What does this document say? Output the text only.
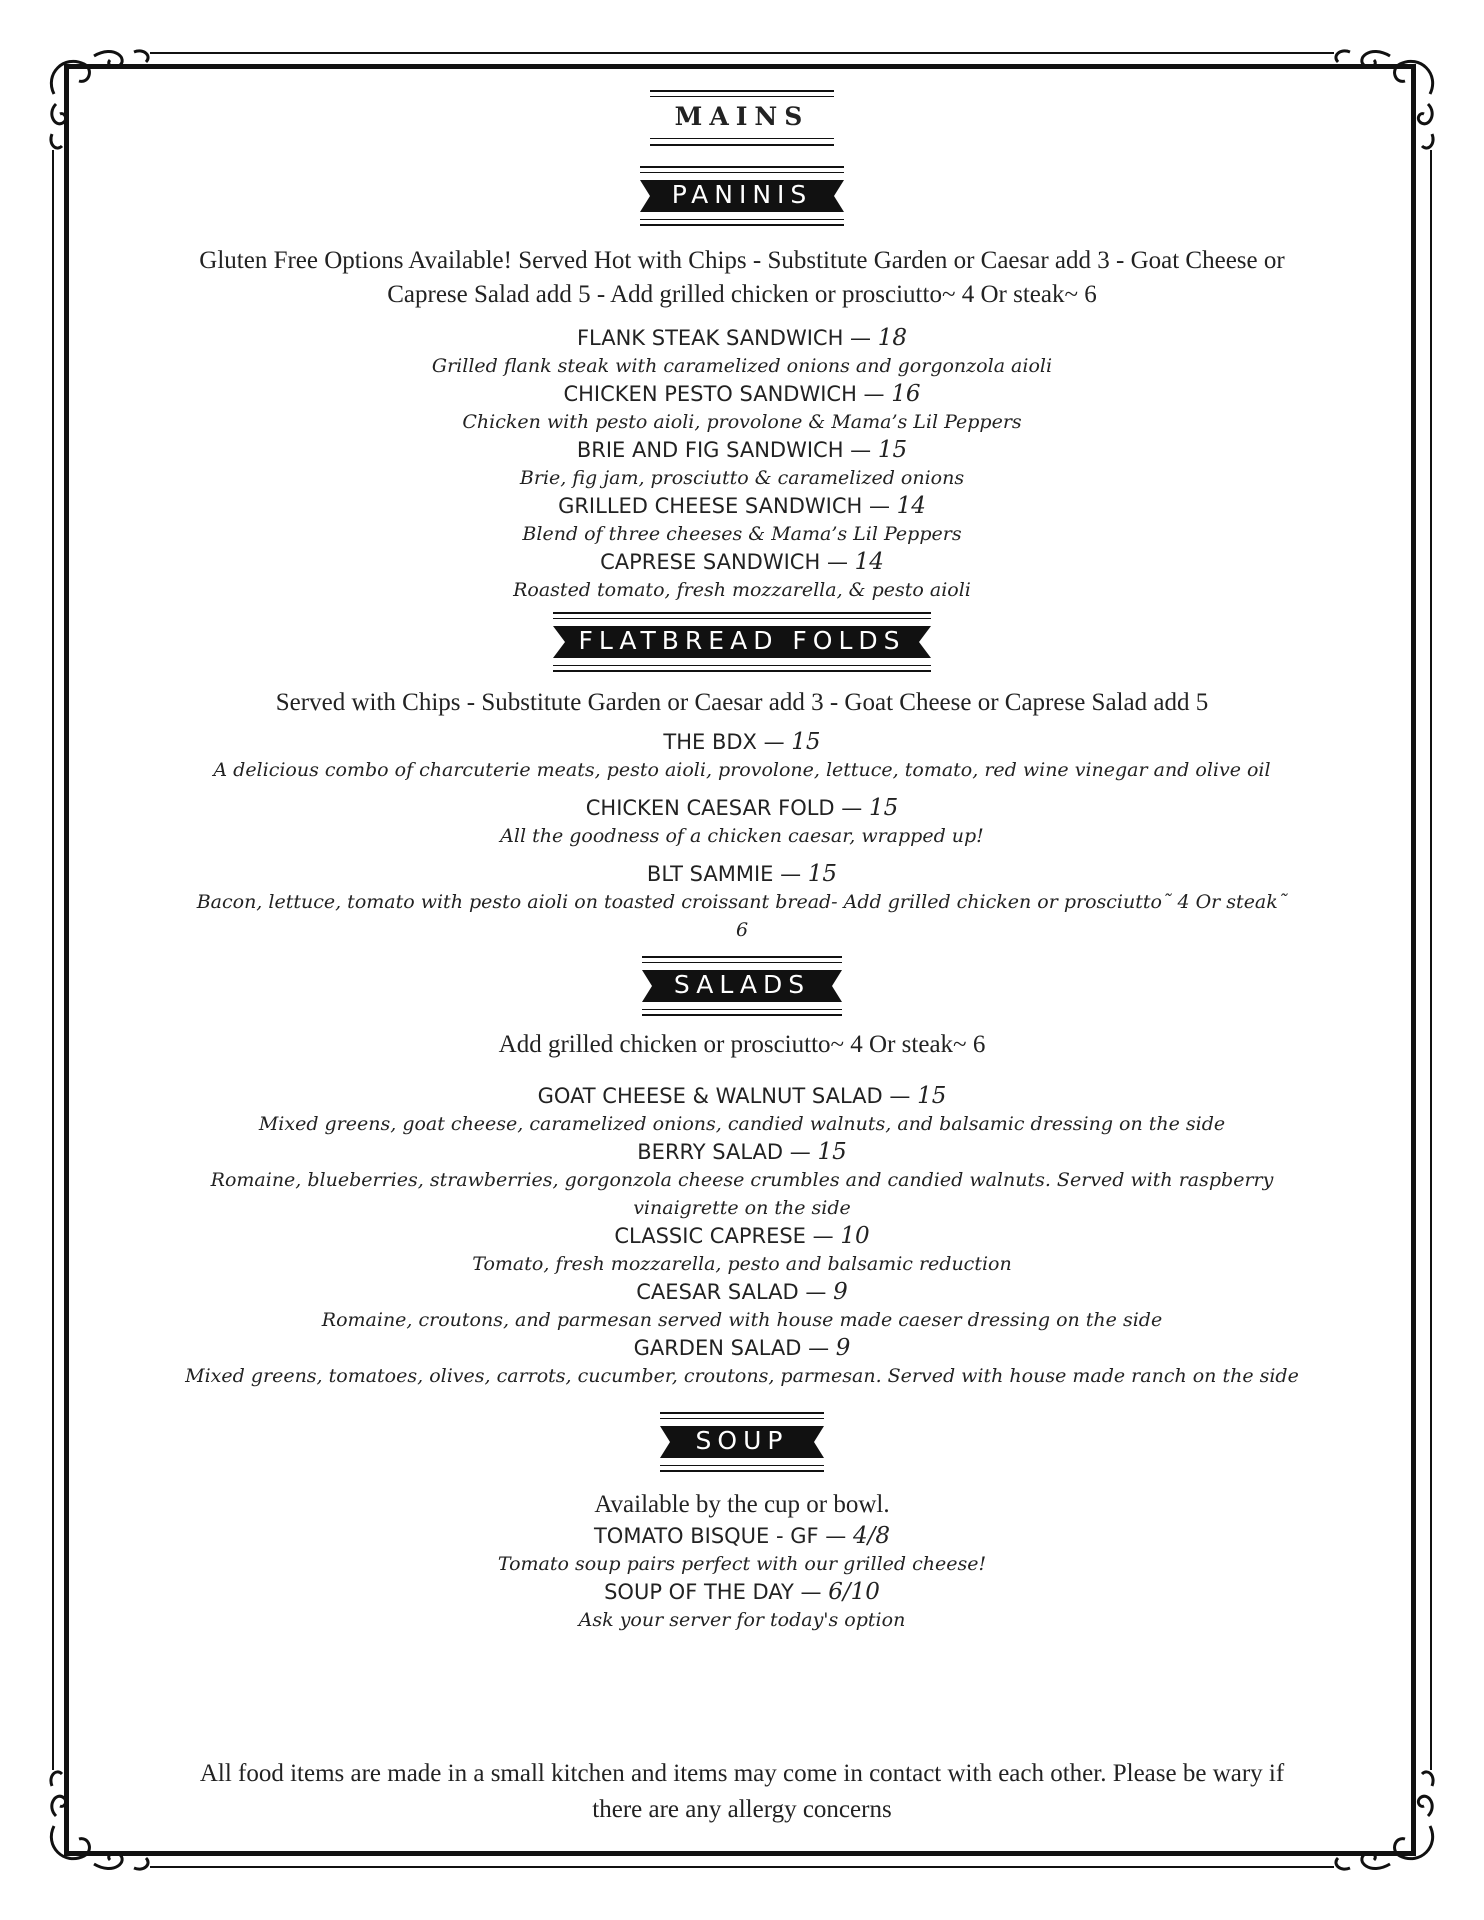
MAINS
PANINIS

Gluten Free Options Available! Served Hot with Chips - Substitute Garden or Caesar add 3 - Goat Cheese or Caprese Salad add 5 - Add grilled chicken or prosciutto~ 4 Or steak~ 6

FLANK STEAK SANDWICH — 18

Grilled flank steak with caramelized onions and gorgonzola aioli

CHICKEN PESTO SANDWICH — 16

Chicken with pesto aioli, provolone & Mama’s Lil Peppers

BRIE AND FIG SANDWICH — 15

Brie, fig jam, prosciutto & caramelized onions

GRILLED CHEESE SANDWICH — 14

Blend of three cheeses & Mama’s Lil Peppers

CAPRESE SANDWICH — 14

Roasted tomato, fresh mozzarella, & pesto aioli

FLATBREAD FOLDS

Served with Chips - Substitute Garden or Caesar add 3 - Goat Cheese or Caprese Salad add 5

THE BDX — 15

A delicious combo of charcuterie meats, pesto aioli, provolone, lettuce, tomato, red wine vinegar and olive oil

CHICKEN CAESAR FOLD — 15

All the goodness of a chicken caesar, wrapped up!

BLT SAMMIE — 15

Bacon, lettuce, tomato with pesto aioli on toasted croissant bread- Add grilled chicken or prosciutto˜ 4 Or steak˜ 6

SALADS

Add grilled chicken or prosciutto~ 4 Or steak~ 6

GOAT CHEESE & WALNUT SALAD — 15

Mixed greens, goat cheese, caramelized onions, candied walnuts, and balsamic dressing on the side

BERRY SALAD — 15

Romaine, blueberries, strawberries, gorgonzola cheese crumbles and candied walnuts. Served with raspberry vinaigrette on the side

CLASSIC CAPRESE — 10

Tomato, fresh mozzarella, pesto and balsamic reduction

CAESAR SALAD — 9

Romaine, croutons, and parmesan served with house made caeser dressing on the side

GARDEN SALAD — 9

Mixed greens, tomatoes, olives, carrots, cucumber, croutons, parmesan. Served with house made ranch on the side

SOUP

Available by the cup or bowl.

TOMATO BISQUE - GF — 4/8

Tomato soup pairs perfect with our grilled cheese!

SOUP OF THE DAY — 6/10

Ask your server for today's option

All food items are made in a small kitchen and items may come in contact with each other. Please be wary if there are any allergy concerns
